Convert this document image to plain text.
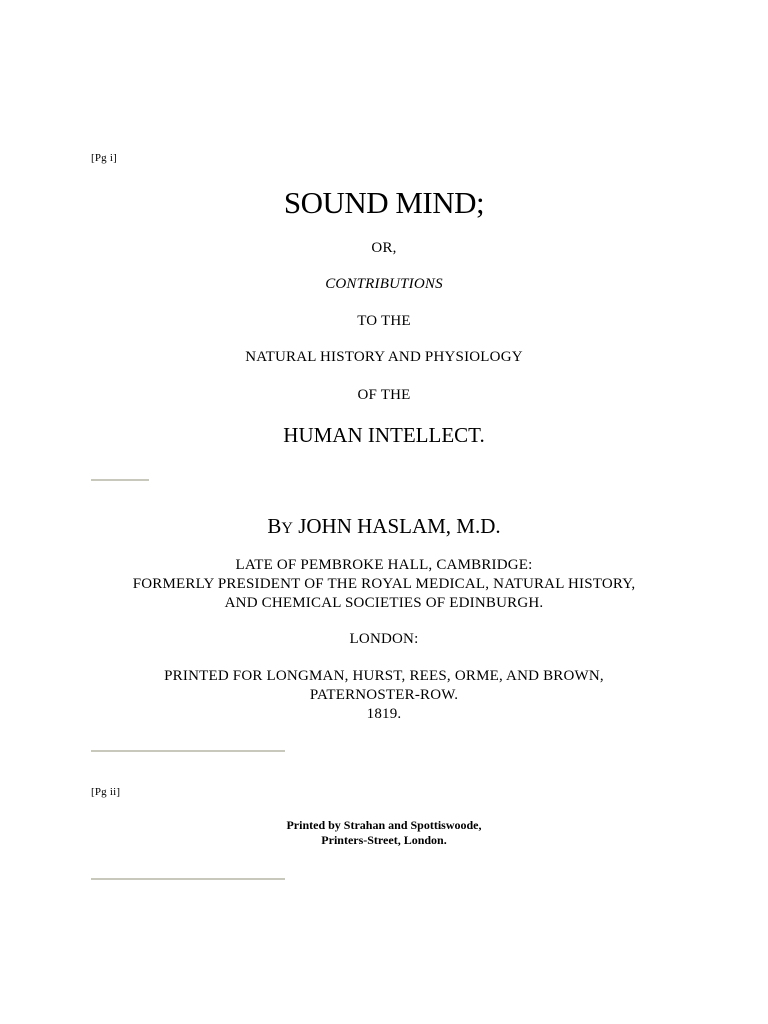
[Pg i]
SOUND MIND;

OR,

CONTRIBUTIONS

TO THE

NATURAL HISTORY AND PHYSIOLOGY

OF THE

HUMAN INTELLECT.

BY JOHN HASLAM, M.D.

LATE OF PEMBROKE HALL, CAMBRIDGE:
FORMERLY PRESIDENT OF THE ROYAL MEDICAL, NATURAL HISTORY,
AND CHEMICAL SOCIETIES OF EDINBURGH.

LONDON:

PRINTED FOR LONGMAN, HURST, REES, ORME, AND BROWN,
PATERNOSTER-ROW.
1819.
[Pg ii]
Printed by Strahan and Spottiswoode,
Printers-Street, London.
